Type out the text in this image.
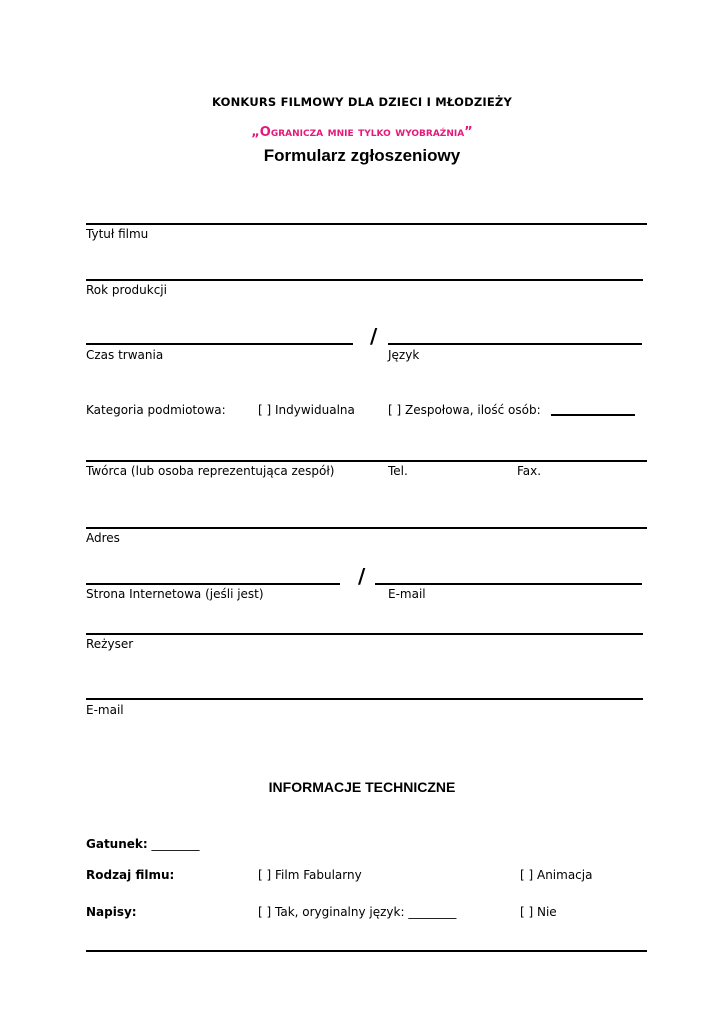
KONKURS FILMOWY DLA DZIECI I MŁODZIEŻY
„Ogranicza mnie tylko wyobraźnia”
Formularz zgłoszeniowy
Tytuł filmu
Rok produkcji
/
Czas trwania	Język
Kategoria podmiotowa:	[ ] Indywidualna	[ ] Zespołowa, ilość osób:
Twórca (lub osoba reprezentująca zespół)	Tel.	Fax.
Adres
/
Strona Internetowa (jeśli jest)	E-mail
Reżyser
E-mail
INFORMACJE TECHNICZNE
Gatunek: ________
Rodzaj filmu:	[ ] Film Fabularny	[ ] Animacja
Napisy:	[ ] Tak, oryginalny język: ________	[ ] Nie
